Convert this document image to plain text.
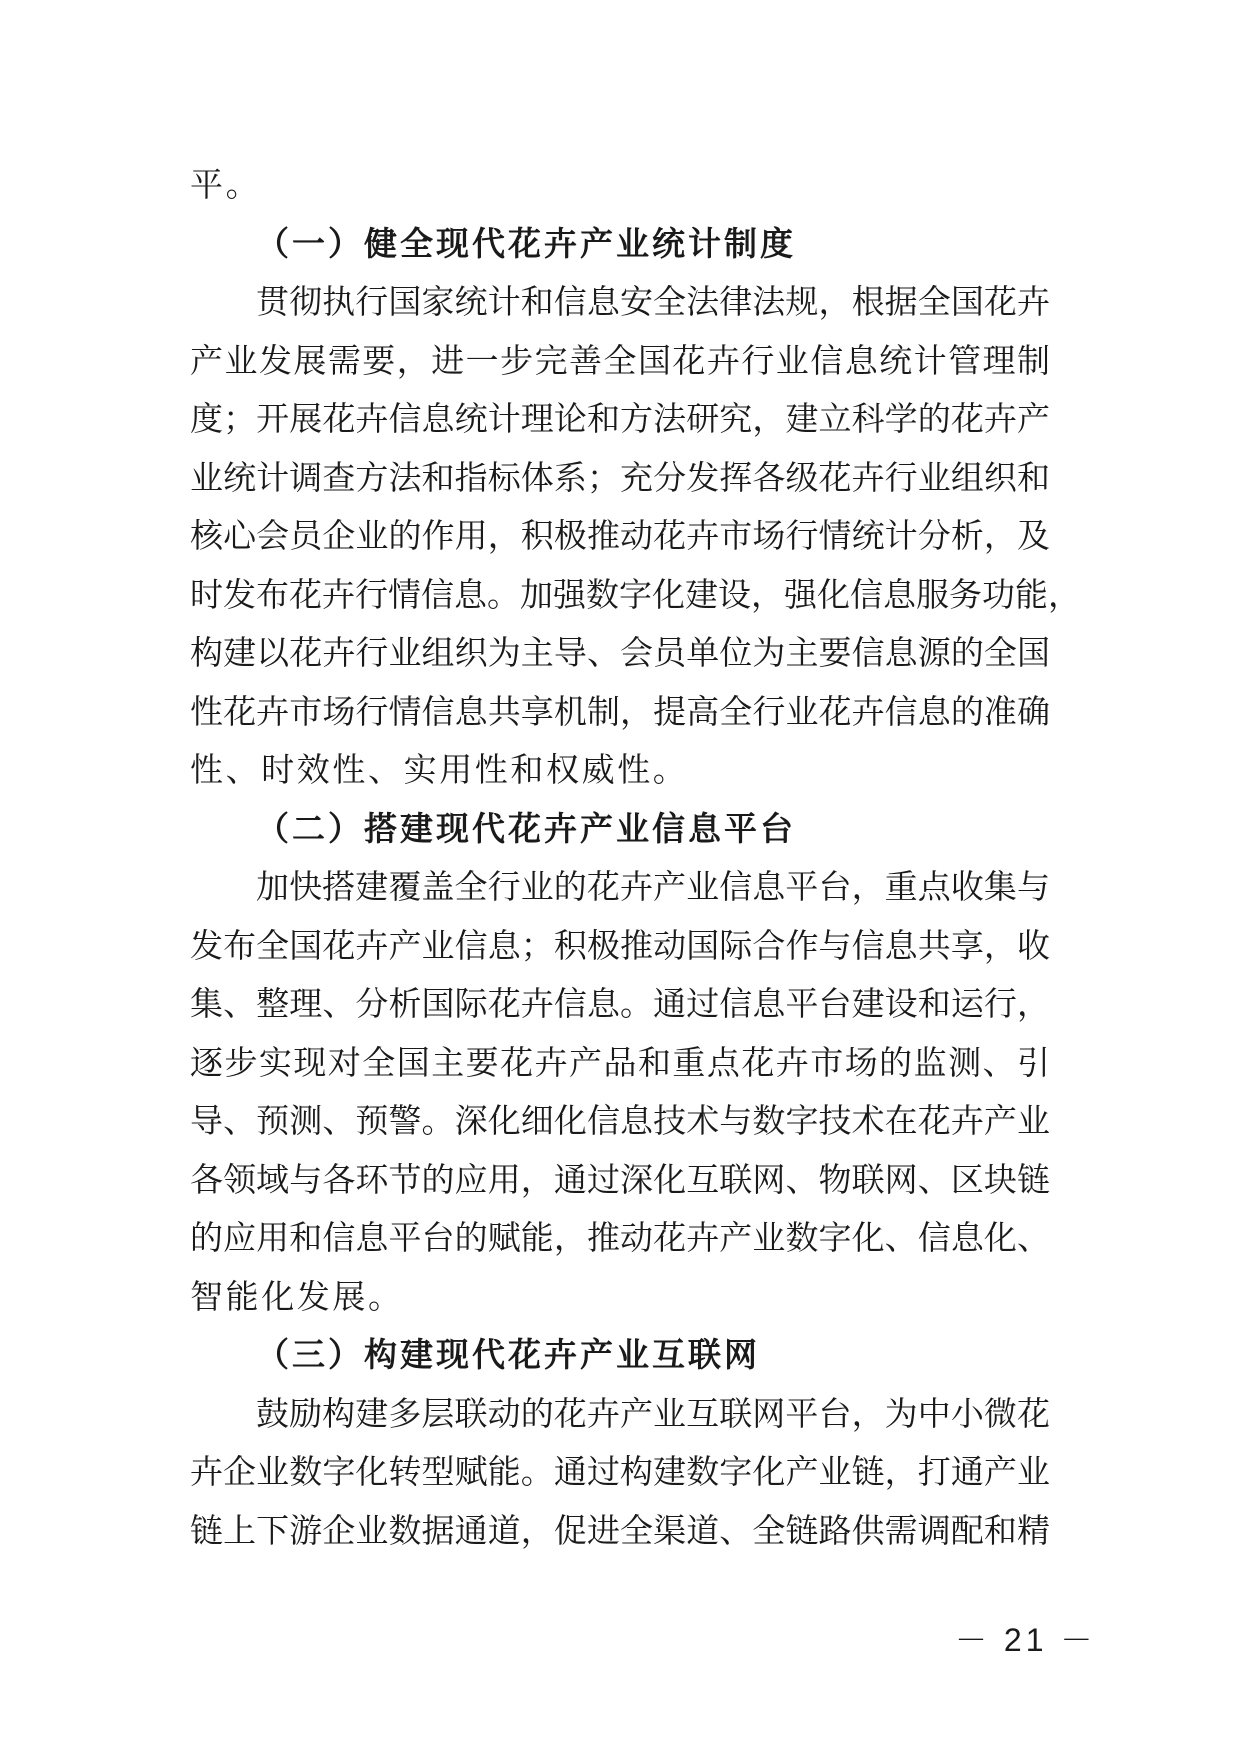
平。
（一）健全现代花卉产业统计制度
贯彻执行国家统计和信息安全法律法规，根据全国花卉
产业发展需要，进一步完善全国花卉行业信息统计管理制
度；开展花卉信息统计理论和方法研究，建立科学的花卉产
业统计调查方法和指标体系；充分发挥各级花卉行业组织和
核心会员企业的作用，积极推动花卉市场行情统计分析，及
时发布花卉行情信息。加强数字化建设，强化信息服务功能，
构建以花卉行业组织为主导、会员单位为主要信息源的全国
性花卉市场行情信息共享机制，提高全行业花卉信息的准确
性、时效性、实用性和权威性。
（二）搭建现代花卉产业信息平台
加快搭建覆盖全行业的花卉产业信息平台，重点收集与
发布全国花卉产业信息；积极推动国际合作与信息共享，收
集、整理、分析国际花卉信息。通过信息平台建设和运行，
逐步实现对全国主要花卉产品和重点花卉市场的监测、引
导、预测、预警。深化细化信息技术与数字技术在花卉产业
各领域与各环节的应用，通过深化互联网、物联网、区块链
的应用和信息平台的赋能，推动花卉产业数字化、信息化、
智能化发展。
（三）构建现代花卉产业互联网
鼓励构建多层联动的花卉产业互联网平台，为中小微花
卉企业数字化转型赋能。通过构建数字化产业链，打通产业
链上下游企业数据通道，促进全渠道、全链路供需调配和精
－ 21 －
